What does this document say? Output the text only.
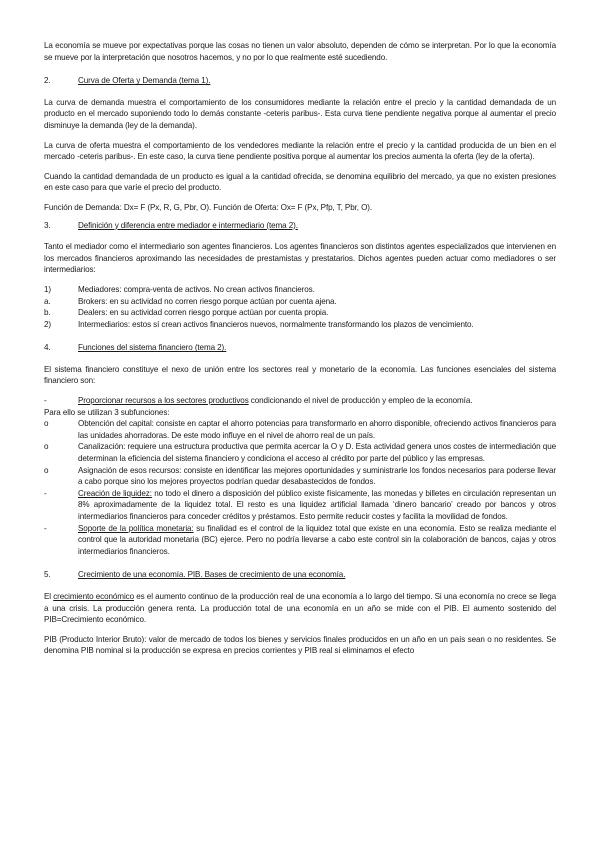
La economía se mueve por expectativas porque las cosas no tienen un valor absoluto, dependen de cómo se interpretan. Por lo que la economía se mueve por la interpretación que nosotros hacemos, y no por lo que realmente esté sucediendo.

2.	Curva de Oferta y Demanda (tema 1).

La curva de demanda muestra el comportamiento de los consumidores mediante la relación entre el precio y la cantidad demandada de un producto en el mercado suponiendo todo lo demás constante -ceteris paribus-. Esta curva tiene pendiente negativa porque al aumentar el precio disminuye la demanda (ley de la demanda).

La curva de oferta muestra el comportamiento de los vendedores mediante la relación entre el precio y la cantidad producida de un bien en el mercado -ceteris paribus-. En este caso, la curva tiene pendiente positiva porque al aumentar los precios aumenta la oferta (ley de la oferta).

Cuando la cantidad demandada de un producto es igual a la cantidad ofrecida, se denomina equilibrio del mercado, ya que no existen presiones en este caso para que varíe el precio del producto.

Función de Demanda: Dx= F (Px, R, G, Pbr, O). Función de Oferta: Ox= F (Px, Pfp, T, Pbr, O).

3.	Definición y diferencia entre mediador e intermediario (tema 2).

Tanto el mediador como el intermediario son agentes financieros. Los agentes financieros son distintos agentes especializados que intervienen en los mercados financieros aproximando las necesidades de prestamistas y prestatarios. Dichos agentes pueden actuar como mediadores o ser intermediarios:

1)	Mediadores: compra-venta de activos. No crean activos financieros.
a.	Brokers: en su actividad no corren riesgo porque actúan por cuenta ajena.
b.	Dealers: en su actividad corren riesgo porque actúan por cuenta propia.
2)	Intermediarios: estos sí crean activos financieros nuevos, normalmente transformando los plazos de vencimiento.
4.	Funciones del sistema financiero (tema 2).

El sistema financiero constituye el nexo de unión entre los sectores real y monetario de la economía. Las funciones esenciales del sistema financiero son:

-	Proporcionar recursos a los sectores productivos condicionando el nivel de producción y empleo de la economía.
Para ello se utilizan 3 subfunciones:
o	Obtención del capital: consiste en captar el ahorro potencias para transformarlo en ahorro disponible, ofreciendo activos financieros para las unidades ahorradoras. De este modo influye en el nivel de ahorro real de un país.
o	Canalización: requiere una estructura productiva que permita acercar la O y D. Esta actividad genera unos costes de intermediación que determinan la eficiencia del sistema financiero y condiciona el acceso al crédito por parte del público y las empresas.
o	Asignación de esos recursos: consiste en identificar las mejores oportunidades y suministrarle los fondos necesarios para poderse llevar a cabo porque sino los mejores proyectos podrían quedar desabastecidos de fondos.
-	Creación de liquidez: no todo el dinero a disposición del público existe físicamente, las monedas y billetes en circulación representan un 8% aproximadamente de la liquidez total. El resto es una liquidez artificial llamada ‘dinero bancario’ creado por bancos y otros intermediarios financieros para conceder créditos y préstamos. Esto permite reducir costes y facilita la movilidad de fondos.
-	Soporte de la política monetaria: su finalidad es el control de la liquidez total que existe en una economía. Esto se realiza mediante el control que la autoridad monetaria (BC) ejerce. Pero no podría llevarse a cabo este control sin la colaboración de bancos, cajas y otros intermediarios financieros.
5.	Crecimiento de una economía. PIB. Bases de crecimiento de una economía.

El crecimiento económico es el aumento continuo de la producción real de una economía a lo largo del tiempo. Si una economía no crece se llega a una crisis. La producción genera renta. La producción total de una economía en un año se mide con el PIB. El aumento sostenido del PIB=Crecimiento económico.

PIB (Producto Interior Bruto): valor de mercado de todos los bienes y servicios finales producidos en un año en un país sean o no residentes. Se denomina PIB nominal si la producción se expresa en precios corrientes y PIB real si eliminamos el efecto
